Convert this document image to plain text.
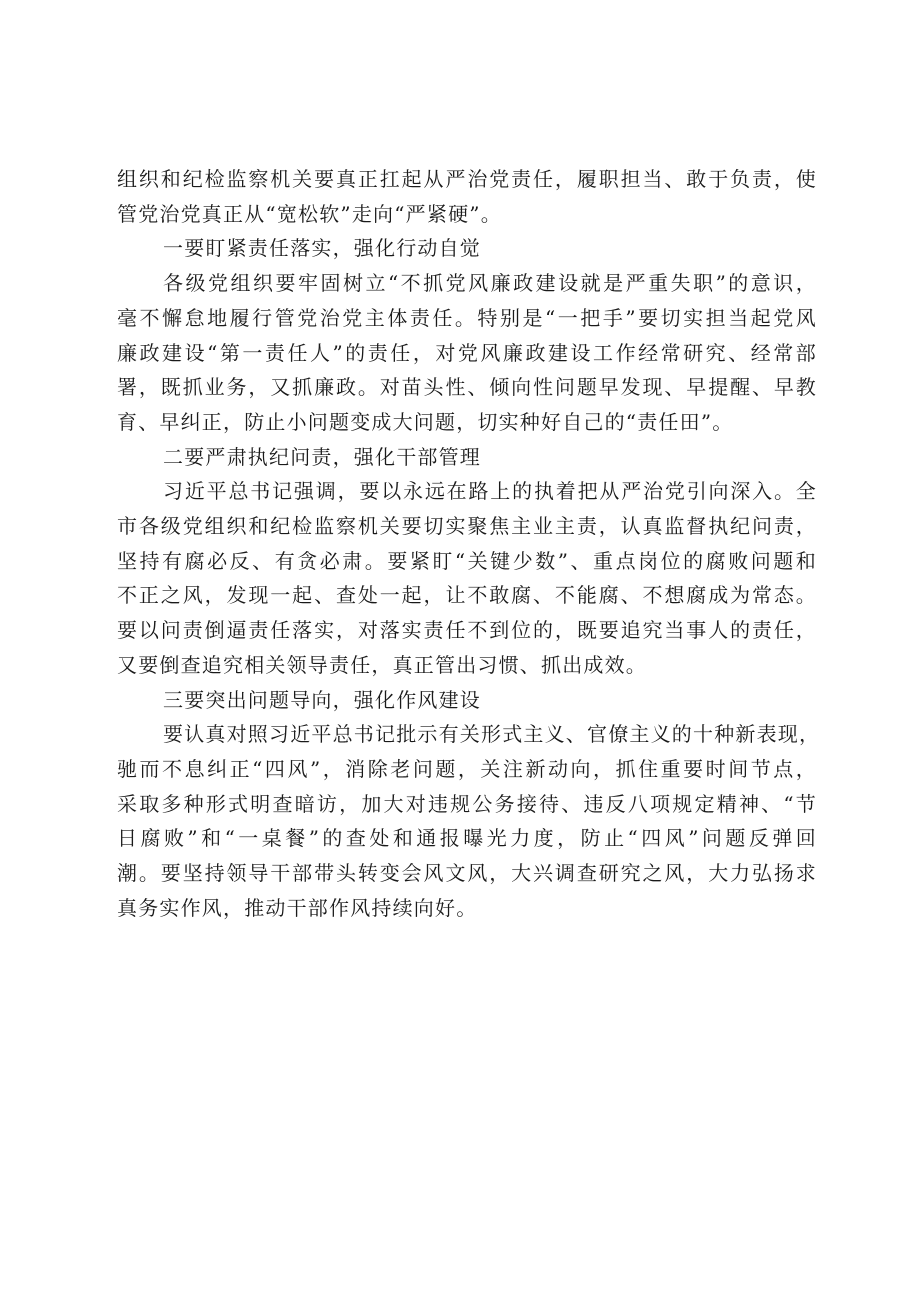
组织和纪检监察机关要真正扛起从严治党责任，履职担当、敢于负责，使
管党治党真正从“宽松软”走向“严紧硬”。
一要盯紧责任落实，强化行动自觉
各级党组织要牢固树立“不抓党风廉政建设就是严重失职”的意识，
毫不懈怠地履行管党治党主体责任。特别是“一把手”要切实担当起党风
廉政建设“第一责任人”的责任，对党风廉政建设工作经常研究、经常部
署，既抓业务，又抓廉政。对苗头性、倾向性问题早发现、早提醒、早教
育、早纠正，防止小问题变成大问题，切实种好自己的“责任田”。
二要严肃执纪问责，强化干部管理
习近平总书记强调，要以永远在路上的执着把从严治党引向深入。全
市各级党组织和纪检监察机关要切实聚焦主业主责，认真监督执纪问责，
坚持有腐必反、有贪必肃。要紧盯“关键少数”、重点岗位的腐败问题和
不正之风，发现一起、查处一起，让不敢腐、不能腐、不想腐成为常态。
要以问责倒逼责任落实，对落实责任不到位的，既要追究当事人的责任，
又要倒查追究相关领导责任，真正管出习惯、抓出成效。
三要突出问题导向，强化作风建设
要认真对照习近平总书记批示有关形式主义、官僚主义的十种新表现，
驰而不息纠正“四风”，消除老问题，关注新动向，抓住重要时间节点，
采取多种形式明查暗访，加大对违规公务接待、违反八项规定精神、“节
日腐败”和“一桌餐”的查处和通报曝光力度，防止“四风”问题反弹回
潮。要坚持领导干部带头转变会风文风，大兴调查研究之风，大力弘扬求
真务实作风，推动干部作风持续向好。
